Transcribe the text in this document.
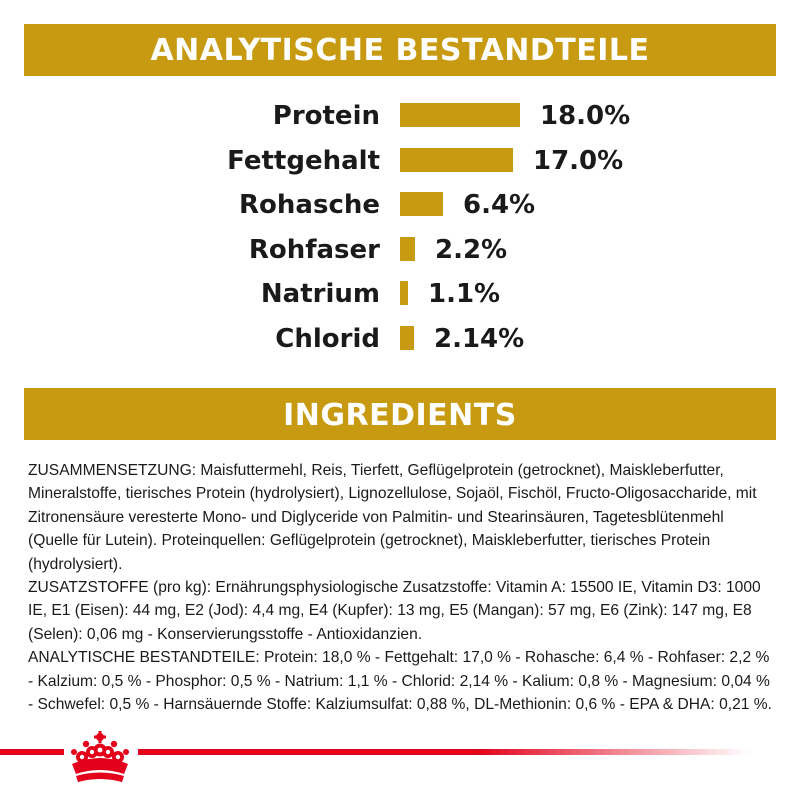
ANALYTISCHE BESTANDTEILE
Protein	18.0%
Fettgehalt	17.0%
Rohasche	6.4%
Rohfaser 2.2%
Natrium 1.1%
Chlorid 2.14%
INGREDIENTS

ZUSAMMENSETZUNG: Maisfuttermehl, Reis, Tierfett, Geflügelprotein (getrocknet), Maiskleberfutter, Mineralstoffe, tierisches Protein (hydrolysiert), Lignozellulose, Sojaöl, Fischöl, Fructo-Oligosaccharide, mit Zitronensäure veresterte Mono- und Diglyceride von Palmitin- und Stearinsäuren, Tagetesblütenmehl (Quelle für Lutein). Proteinquellen: Geflügelprotein (getrocknet), Maiskleberfutter, tierisches Protein (hydrolysiert).

ZUSATZSTOFFE (pro kg): Ernährungsphysiologische Zusatzstoffe: Vitamin A: 15500 IE, Vitamin D3: 1000 IE, E1 (Eisen): 44 mg, E2 (Jod): 4,4 mg, E4 (Kupfer): 13 mg, E5 (Mangan): 57 mg, E6 (Zink): 147 mg, E8 (Selen): 0,06 mg - Konservierungsstoffe - Antioxidanzien.

ANALYTISCHE BESTANDTEILE: Protein: 18,0 % - Fettgehalt: 17,0 % - Rohasche: 6,4 % - Rohfaser: 2,2 % - Kalzium: 0,5 % - Phosphor: 0,5 % - Natrium: 1,1 % - Chlorid: 2,14 % - Kalium: 0,8 % - Magnesium: 0,04 % - Schwefel: 0,5 % - Harnsäuernde Stoffe: Kalziumsulfat: 0,88 %, DL-Methionin: 0,6 % - EPA & DHA: 0,21 %.
